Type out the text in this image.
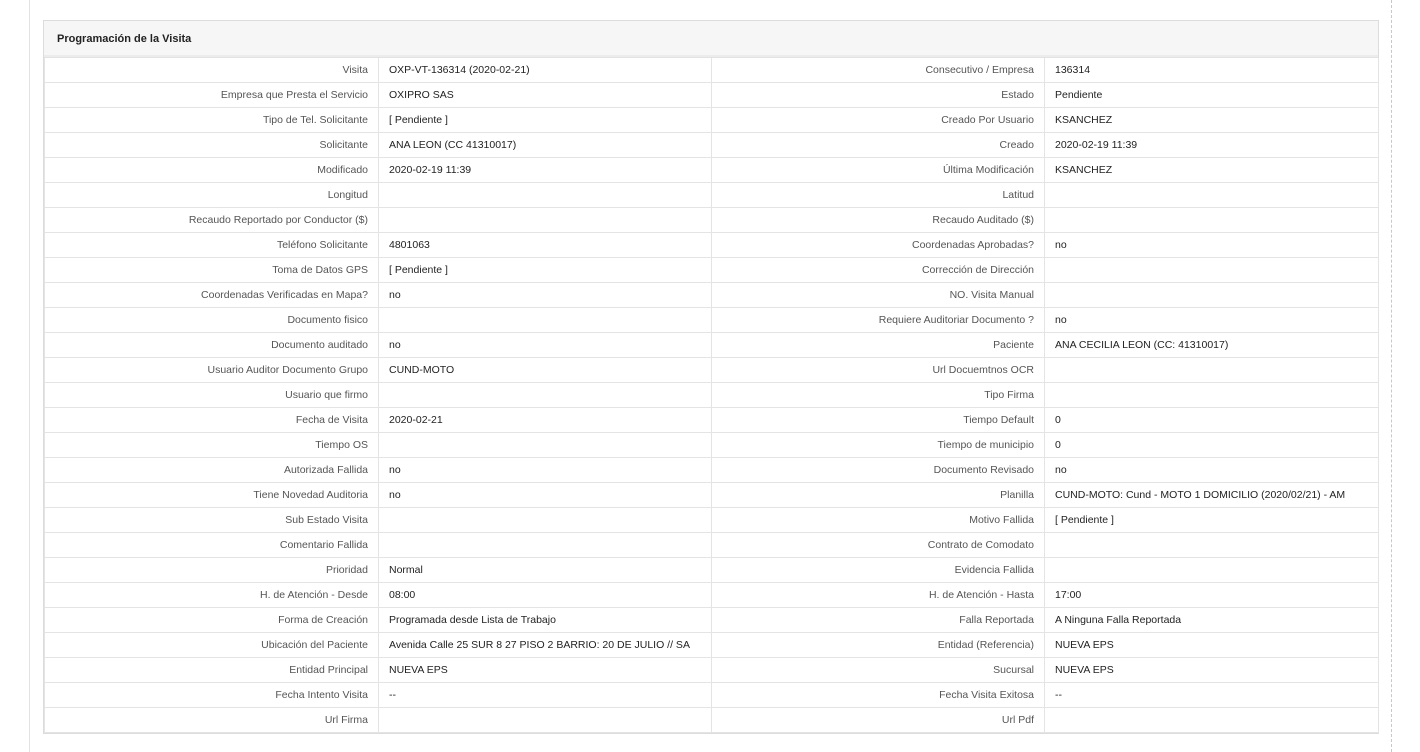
Programación de la Visita
Visita	OXP-VT-136314 (2020-02-21)	Consecutivo / Empresa	136314
Empresa que Presta el Servicio	OXIPRO SAS	Estado	Pendiente
Tipo de Tel. Solicitante	[ Pendiente ]	Creado Por Usuario	KSANCHEZ
Solicitante	ANA LEON (CC 41310017)	Creado	2020-02-19 11:39
Modificado	2020-02-19 11:39	Última Modificación	KSANCHEZ
Longitud		Latitud	
Recaudo Reportado por Conductor ($)		Recaudo Auditado ($)	
Teléfono Solicitante	4801063	Coordenadas Aprobadas?	no
Toma de Datos GPS	[ Pendiente ]	Corrección de Dirección	
Coordenadas Verificadas en Mapa?	no	NO. Visita Manual	
Documento fisico		Requiere Auditoriar Documento ?	no
Documento auditado	no	Paciente	ANA CECILIA LEON (CC: 41310017)
Usuario Auditor Documento Grupo	CUND-MOTO	Url Docuemtnos OCR	
Usuario que firmo		Tipo Firma	
Fecha de Visita	2020-02-21	Tiempo Default	0
Tiempo OS		Tiempo de municipio	0
Autorizada Fallida	no	Documento Revisado	no
Tiene Novedad Auditoria	no	Planilla	CUND-MOTO: Cund - MOTO 1 DOMICILIO (2020/02/21) - AM
Sub Estado Visita		Motivo Fallida	[ Pendiente ]
Comentario Fallida		Contrato de Comodato	
Prioridad	Normal	Evidencia Fallida	
H. de Atención - Desde	08:00	H. de Atención - Hasta	17:00
Forma de Creación	Programada desde Lista de Trabajo	Falla Reportada	A Ninguna Falla Reportada
Ubicación del Paciente	Avenida Calle 25 SUR 8 27 PISO 2 BARRIO: 20 DE JULIO // SA	Entidad (Referencia)	NUEVA EPS
Entidad Principal	NUEVA EPS	Sucursal	NUEVA EPS
Fecha Intento Visita	--	Fecha Visita Exitosa	--
Url Firma		Url Pdf	
